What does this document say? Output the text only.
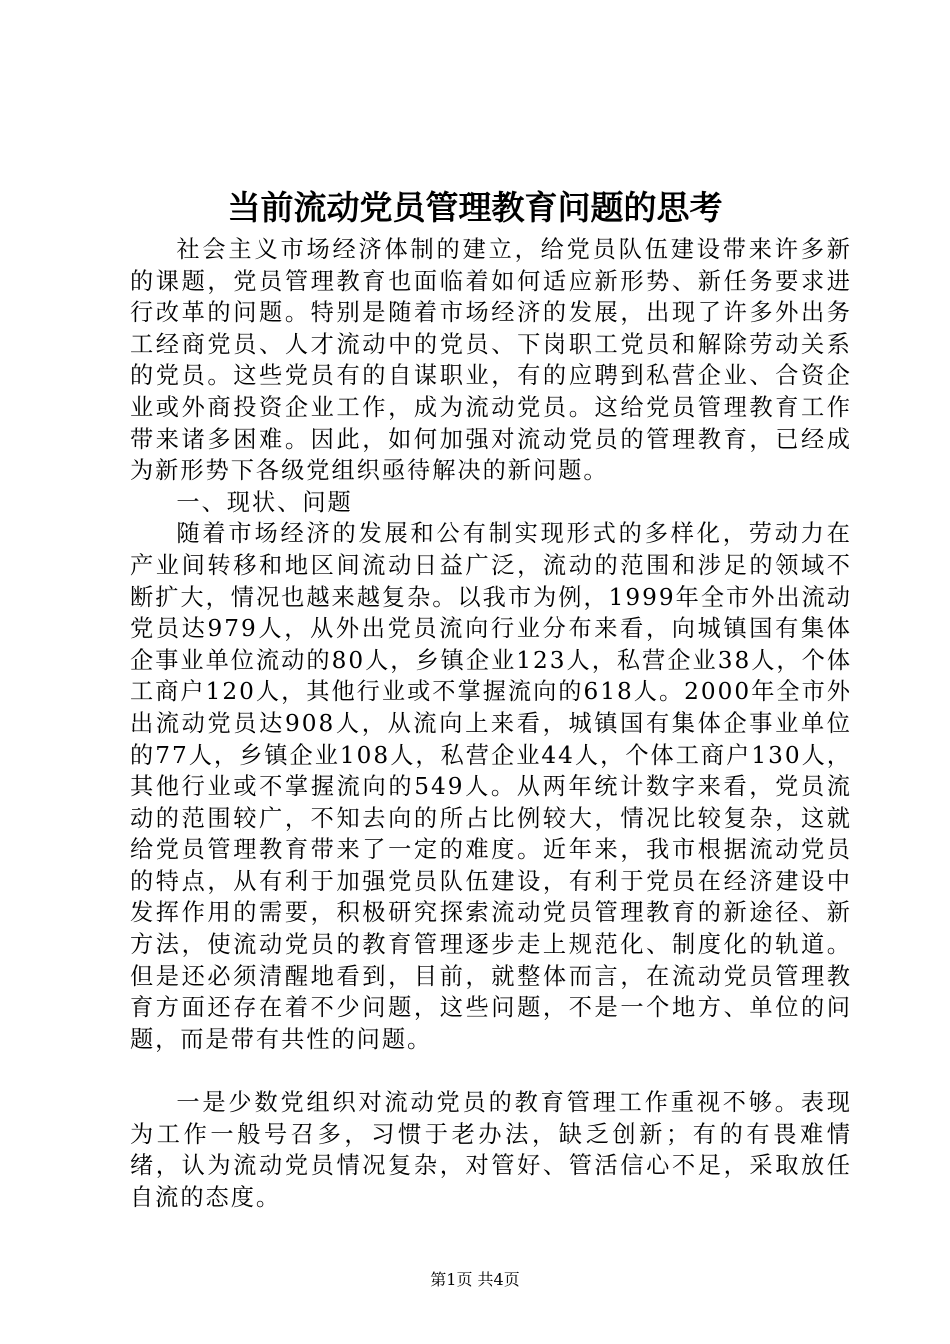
当前流动党员管理教育问题的思考

社会主义市场经济体制的建立，给党员队伍建设带来许多新的课题，党员管理教育也面临着如何适应新形势、新任务要求进行改革的问题。特别是随着市场经济的发展，出现了许多外出务工经商党员、人才流动中的党员、下岗职工党员和解除劳动关系的党员。这些党员有的自谋职业，有的应聘到私营企业、合资企业或外商投资企业工作，成为流动党员。这给党员管理教育工作带来诸多困难。因此，如何加强对流动党员的管理教育，已经成为新形势下各级党组织亟待解决的新问题。

一、现状、问题

随着市场经济的发展和公有制实现形式的多样化，劳动力在产业间转移和地区间流动日益广泛，流动的范围和涉足的领域不断扩大，情况也越来越复杂。以我市为例，1999年全市外出流动党员达979人，从外出党员流向行业分布来看，向城镇国有集体企事业单位流动的80人，乡镇企业123人，私营企业38人，个体工商户120人，其他行业或不掌握流向的618人。2000年全市外出流动党员达908人，从流向上来看，城镇国有集体企事业单位的77人，乡镇企业108人，私营企业44人，个体工商户130人，其他行业或不掌握流向的549人。从两年统计数字来看，党员流动的范围较广，不知去向的所占比例较大，情况比较复杂，这就给党员管理教育带来了一定的难度。近年来，我市根据流动党员的特点，从有利于加强党员队伍建设，有利于党员在经济建设中发挥作用的需要，积极研究探索流动党员管理教育的新途径、新方法，使流动党员的教育管理逐步走上规范化、制度化的轨道。但是还必须清醒地看到，目前，就整体而言，在流动党员管理教育方面还存在着不少问题，这些问题，不是一个地方、单位的问题，而是带有共性的问题。

一是少数党组织对流动党员的教育管理工作重视不够。表现为工作一般号召多，习惯于老办法，缺乏创新；有的有畏难情绪，认为流动党员情况复杂，对管好、管活信心不足，采取放任自流的态度。

第1页 共4页
